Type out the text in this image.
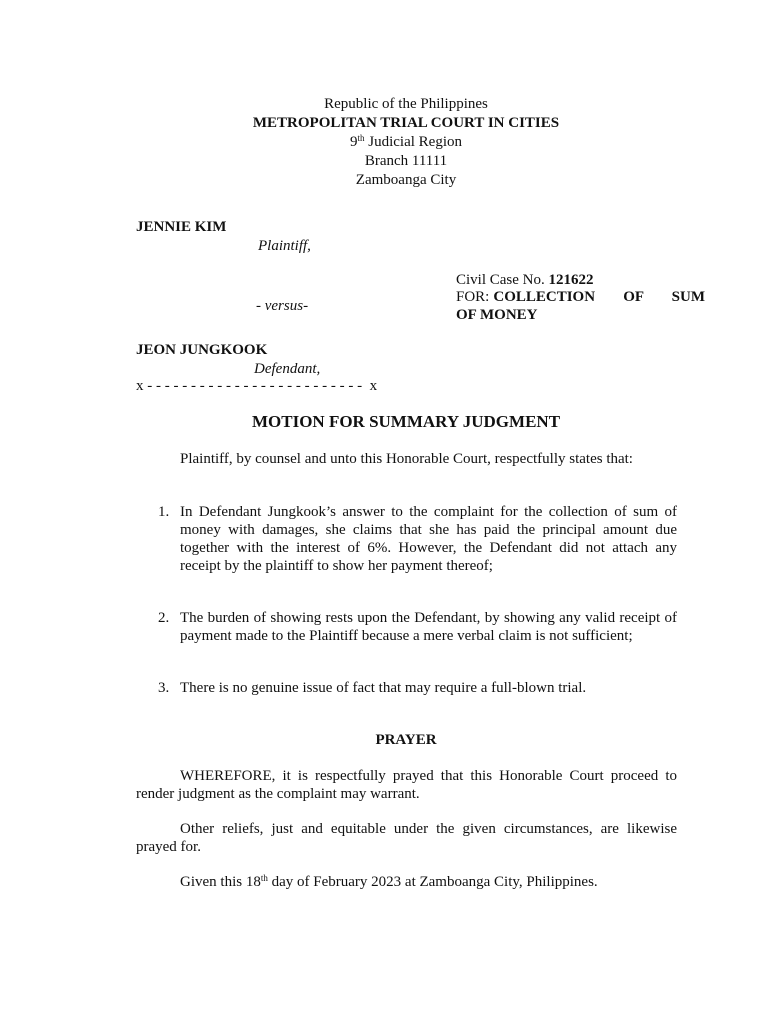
Republic of the Philippines
METROPOLITAN TRIAL COURT IN CITIES
9th Judicial Region
Branch 11111
Zamboanga City
JENNIE KIM
Plaintiff,
Civil Case No. 121622
- versus-
FOR: COLLECTION OF SUM
OF MONEY
JEON JUNGKOOK
Defendant,
x - - - - - - - - - - - - - - - - - - - - - - - - -  x
MOTION FOR SUMMARY JUDGMENT
Plaintiff, by counsel and unto this Honorable Court, respectfully states that:
1. In Defendant Jungkook’s answer to the complaint for the collection of sum of money with damages, she claims that she has paid the principal amount due together with the interest of 6%. However, the Defendant did not attach any receipt by the plaintiff to show her payment thereof;
2. The burden of showing rests upon the Defendant, by showing any valid receipt of payment made to the Plaintiff because a mere verbal claim is not sufficient;
3. There is no genuine issue of fact that may require a full-blown trial.
PRAYER
WHEREFORE, it is respectfully prayed that this Honorable Court proceed to render judgment as the complaint may warrant.
Other reliefs, just and equitable under the given circumstances, are likewise prayed for.
Given this 18th day of February 2023 at Zamboanga City, Philippines.
